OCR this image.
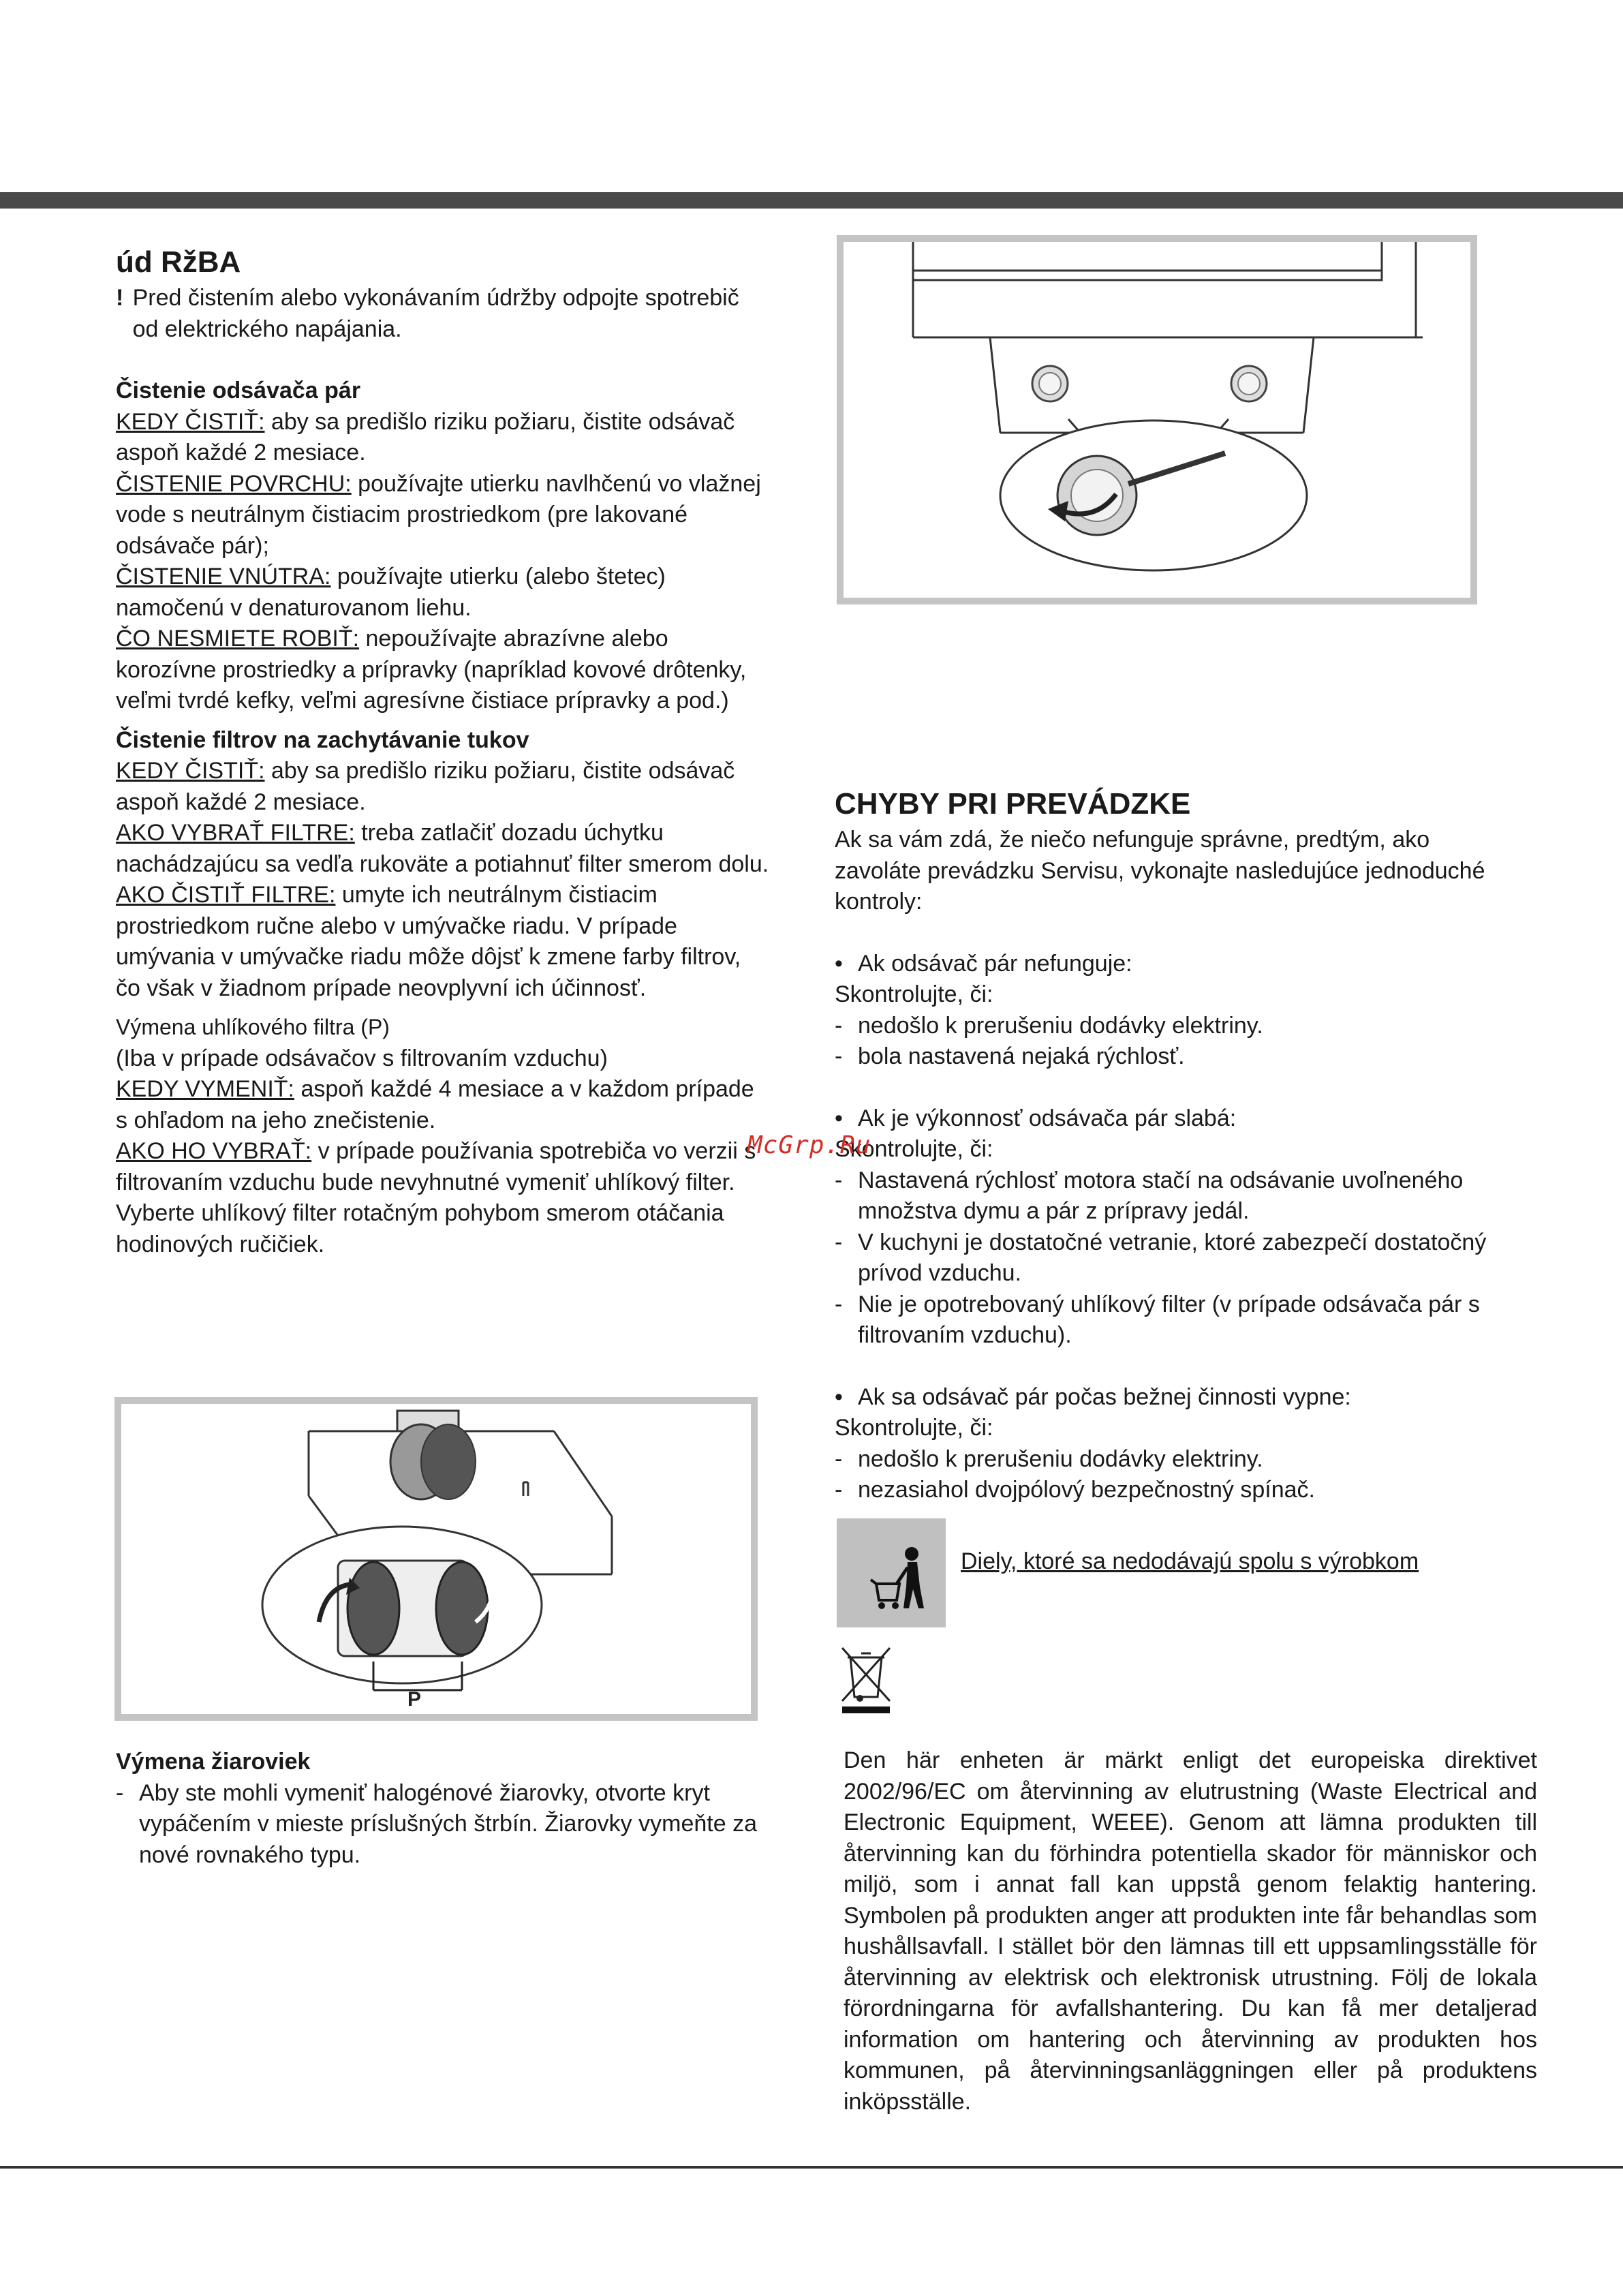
úd RžBA
! Pred čistením alebo vykonávaním údržby odpojte spotrebič od elektrického napájania.

Čistenie odsávača pár

KEDY ČISTIŤ: aby sa predišlo riziku požiaru, čistite odsávač aspoň každé 2 mesiace.

ČISTENIE POVRCHU: používajte utierku navlhčenú vo vlažnej vode s neutrálnym čistiacim prostriedkom (pre lakované odsávače pár);

ČISTENIE VNÚTRA: používajte utierku (alebo štetec) namočenú v denaturovanom liehu.

ČO NESMIETE ROBIŤ: nepoužívajte abrazívne alebo korozívne prostriedky a prípravky (napríklad kovové drôtenky, veľmi tvrdé kefky, veľmi agresívne čistiace prípravky a pod.)

Čistenie filtrov na zachytávanie tukov

KEDY ČISTIŤ: aby sa predišlo riziku požiaru, čistite odsávač aspoň každé 2 mesiace.

AKO VYBRAŤ FILTRE: treba zatlačiť dozadu úchytku nachádzajúcu sa vedľa rukoväte a potiahnuť filter smerom dolu.

AKO ČISTIŤ FILTRE: umyte ich neutrálnym čistiacim prostriedkom ručne alebo v umývačke riadu. V prípade umývania v umývačke riadu môže dôjsť k zmene farby filtrov, čo však v žiadnom prípade neovplyvní ich účinnosť.

Výmena uhlíkového filtra (P)

(Iba v prípade odsávačov s filtrovaním vzduchu)

KEDY VYMENIŤ: aspoň každé 4 mesiace a v každom prípade s ohľadom na jeho znečistenie.

AKO HO VYBRAŤ: v prípade používania spotrebiča vo verzii s filtrovaním vzduchu bude nevyhnutné vymeniť uhlíkový filter.

Vyberte uhlíkový filter rotačným pohybom smerom otáčania hodinových ručičiek.

P

Výmena žiaroviek

- Aby ste mohli vymeniť halogénové žiarovky, otvorte kryt vypáčením v mieste príslušných štrbín. Žiarovky vymeňte za nové rovnakého typu.
CHYBY PRI PREVÁDZKE

Ak sa vám zdá, že niečo nefunguje správne, predtým, ako zavoláte prevádzku Servisu, vykonajte nasledujúce jednoduché kontroly:

• Ak odsávač pár nefunguje:

Skontrolujte, či:

- nedošlo k prerušeniu dodávky elektriny.
- bola nastavená nejaká rýchlosť.
• Ak je výkonnosť odsávača pár slabá:

Skontrolujte, či:

- Nastavená rýchlosť motora stačí na odsávanie uvoľneného množstva dymu a pár z prípravy jedál.
- V kuchyni je dostatočné vetranie, ktoré zabezpečí dostatočný prívod vzduchu.
- Nie je opotrebovaný uhlíkový filter (v prípade odsávača pár s filtrovaním vzduchu).
• Ak sa odsávač pár počas bežnej činnosti vypne:

Skontrolujte, či:

- nedošlo k prerušeniu dodávky elektriny.
- nezasiahol dvojpólový bezpečnostný spínač.
McGrp.Ru
Diely, ktoré sa nedodávajú spolu s výrobkom

Den här enheten är märkt enligt det europeiska direktivet 2002/96/EC om återvinning av elutrustning (Waste Electrical and Electronic Equipment, WEEE). Genom att lämna produkten till återvinning kan du förhindra potentiella skador för människor och miljö, som i annat fall kan uppstå genom felaktig hantering. Symbolen på produkten anger att produkten inte får behandlas som hushållsavfall. I stället bör den lämnas till ett uppsamlingsställe för återvinning av elektrisk och elektronisk utrustning. Följ de lokala förordningarna för avfallshantering. Du kan få mer detaljerad information om hantering och återvinning av produkten hos kommunen, på återvinningsanläggningen eller på produktens inköpsställe.
